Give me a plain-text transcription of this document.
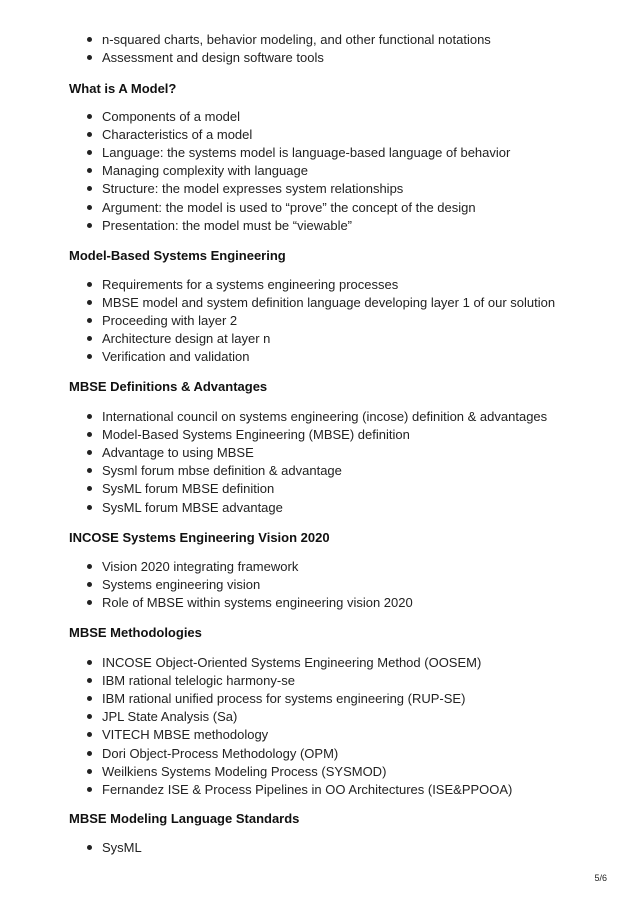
n-squared charts, behavior modeling, and other functional notations
Assessment and design software tools
What is A Model?
Components of a model
Characteristics of a model
Language: the systems model is language-based language of behavior
Managing complexity with language
Structure: the model expresses system relationships
Argument: the model is used to “prove” the concept of the design
Presentation: the model must be “viewable”
Model-Based Systems Engineering
Requirements for a systems engineering processes
MBSE model and system definition language developing layer 1 of our solution
Proceeding with layer 2
Architecture design at layer n
Verification and validation
MBSE Definitions & Advantages
International council on systems engineering (incose) definition & advantages
Model-Based Systems Engineering (MBSE) definition
Advantage to using MBSE
Sysml forum mbse definition & advantage
SysML forum MBSE definition
SysML forum MBSE advantage
INCOSE Systems Engineering Vision 2020
Vision 2020 integrating framework
Systems engineering vision
Role of MBSE within systems engineering vision 2020
MBSE Methodologies
INCOSE Object-Oriented Systems Engineering Method (OOSEM)
IBM rational telelogic harmony-se
IBM rational unified process for systems engineering (RUP-SE)
JPL State Analysis (Sa)
VITECH MBSE methodology
Dori Object-Process Methodology (OPM)
Weilkiens Systems Modeling Process (SYSMOD)
Fernandez ISE & Process Pipelines in OO Architectures (ISE&PPOOA)
MBSE Modeling Language Standards
SysML
5/6
